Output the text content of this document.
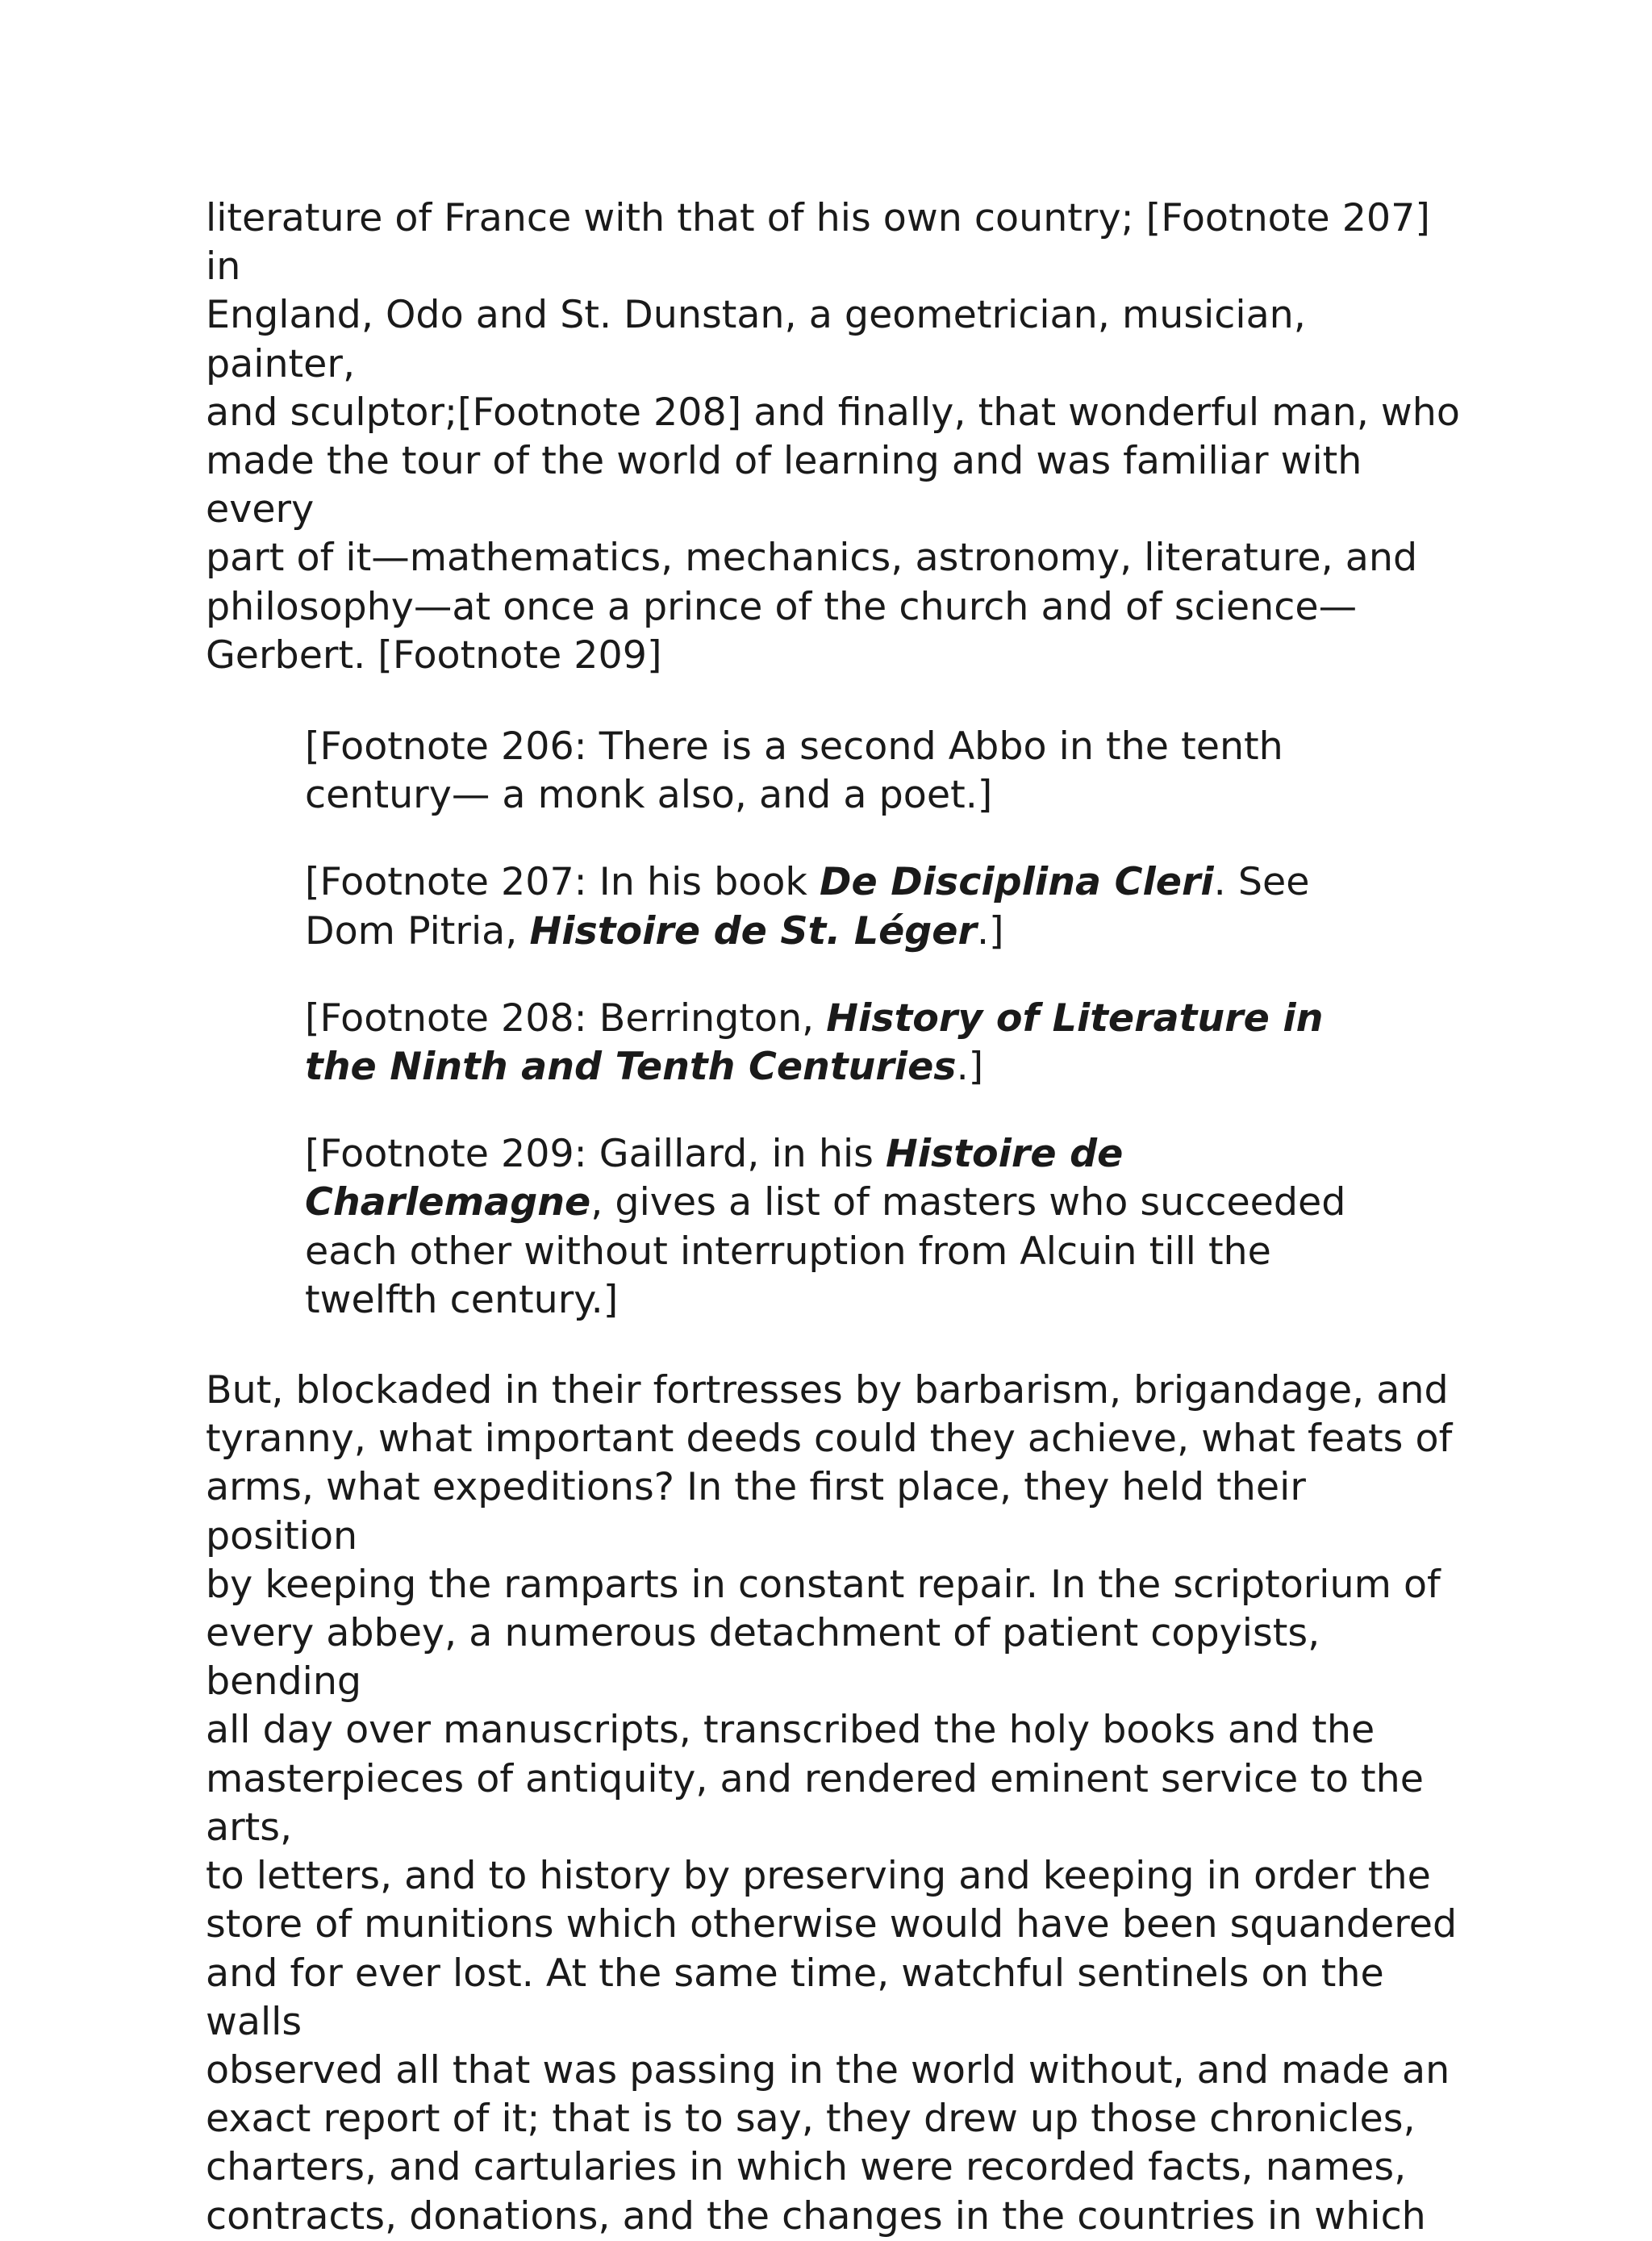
literature of France with that of his own country; [Footnote 207] in
England, Odo and St. Dunstan, a geometrician, musician, painter,
and sculptor;[Footnote 208] and finally, that wonderful man, who
made the tour of the world of learning and was familiar with every
part of it—mathematics, mechanics, astronomy, literature, and
philosophy—at once a prince of the church and of science—
Gerbert. [Footnote 209]

[Footnote 206: There is a second Abbo in the tenth
century— a monk also, and a poet.]

[Footnote 207: In his book De Disciplina Cleri. See
Dom Pitria, Histoire de St. Léger.]

[Footnote 208: Berrington, History of Literature in
the Ninth and Tenth Centuries.]

[Footnote 209: Gaillard, in his Histoire de
Charlemagne, gives a list of masters who succeeded
each other without interruption from Alcuin till the
twelfth century.]

But, blockaded in their fortresses by barbarism, brigandage, and
tyranny, what important deeds could they achieve, what feats of
arms, what expeditions? In the first place, they held their position
by keeping the ramparts in constant repair. In the scriptorium of
every abbey, a numerous detachment of patient copyists, bending
all day over manuscripts, transcribed the holy books and the
masterpieces of antiquity, and rendered eminent service to the arts,
to letters, and to history by preserving and keeping in order the
store of munitions which otherwise would have been squandered
and for ever lost. At the same time, watchful sentinels on the walls
observed all that was passing in the world without, and made an
exact report of it; that is to say, they drew up those chronicles,
charters, and cartularies in which were recorded facts, names,
contracts, donations, and the changes in the countries in which
